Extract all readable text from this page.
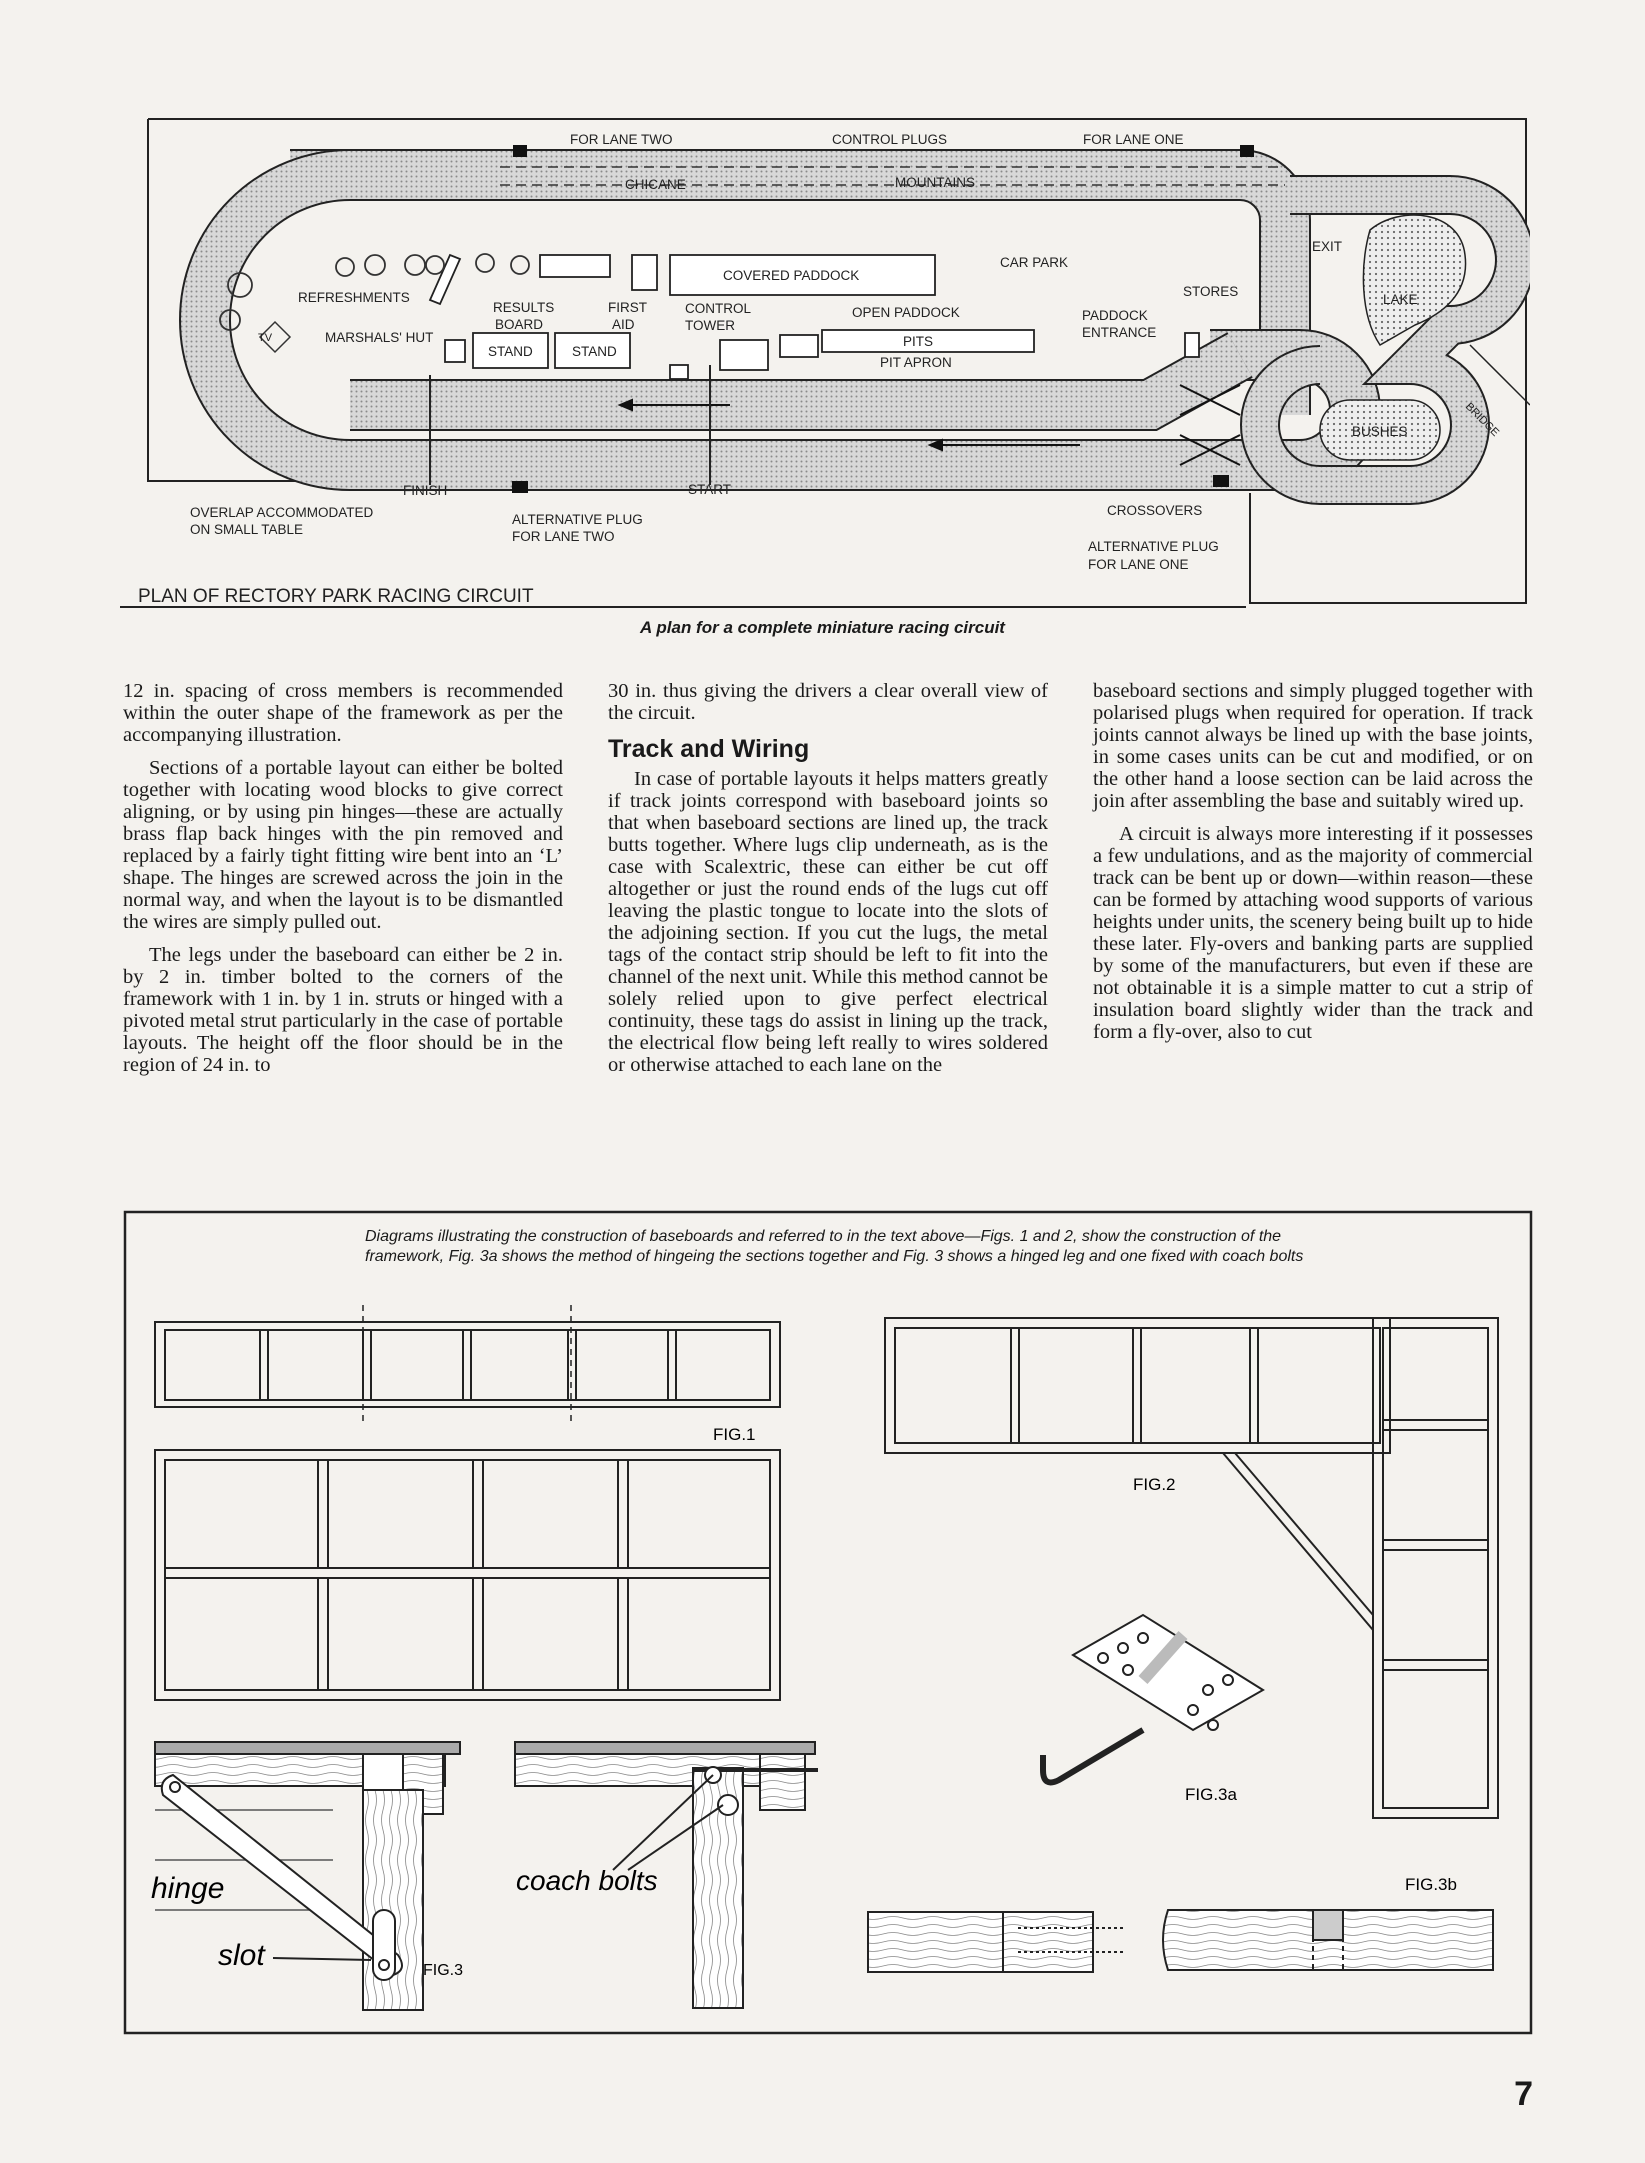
FOR LANE TWO	CONTROL PLUGS	FOR LANE ONE
CHICANE	MOUNTAINS
EXIT
LAKE
CAR PARK
STORES
COVERED PADDOCK
REFRESHMENTS
RESULTS
BOARD
FIRST
AID
CONTROL
TOWER
OPEN PADDOCK	PADDOCK
ENTRANCE
MARSHALS' HUT
STAND	STAND
PITS
PIT APRON
TV
BRIDGE
BUSHES
FINISH	START
OVERLAP ACCOMMODATED
ON SMALL TABLE
ALTERNATIVE PLUG
FOR LANE TWO
CROSSOVERS
ALTERNATIVE PLUG
FOR LANE ONE
PLAN OF RECTORY PARK RACING CIRCUIT
A plan for a complete miniature racing circuit

12 in. spacing of cross members is recommended within the outer shape of the framework as per the accompanying illustration.

Sections of a portable layout can either be bolted together with locating wood blocks to give correct aligning, or by using pin hinges—these are actually brass flap back hinges with the pin removed and replaced by a fairly tight fitting wire bent into an ‘L’ shape. The hinges are screwed across the join in the normal way, and when the layout is to be dismantled the wires are simply pulled out.

The legs under the baseboard can either be 2 in. by 2 in. timber bolted to the corners of the framework with 1 in. by 1 in. struts or hinged with a pivoted metal strut particularly in the case of portable layouts. The height off the floor should be in the region of 24 in. to

30 in. thus giving the drivers a clear overall view of the circuit.

Track and Wiring

In case of portable layouts it helps matters greatly if track joints correspond with baseboard joints so that when baseboard sections are lined up, the track butts together. Where lugs clip underneath, as is the case with Scalextric, these can either be cut off altogether or just the round ends of the lugs cut off leaving the plastic tongue to locate into the slots of the adjoining section. If you cut the lugs, the metal tags of the contact strip should be left to fit into the channel of the next unit. While this method cannot be solely relied upon to give perfect electrical continuity, these tags do assist in lining up the track, the electrical flow being left really to wires soldered or otherwise attached to each lane on the

baseboard sections and simply plugged together with polarised plugs when required for operation. If track joints cannot always be lined up with the base joints, in some cases units can be cut and modified, or on the other hand a loose section can be laid across the join after assembling the base and suitably wired up.

A circuit is always more interesting if it possesses a few undulations, and as the majority of commercial track can be bent up or down—within reason—these can be formed by attaching wood supports of various heights under units, the scenery being built up to hide these later. Fly-overs and banking parts are supplied by some of the manufacturers, but even if these are not obtainable it is a simple matter to cut a strip of insulation board slightly wider than the track and form a fly-over, also to cut

FIG.1
FIG.2
FIG.3a
hinge
slot	FIG.3
coach bolts	FIG.3b
Diagrams illustrating the construction of baseboards and referred to in the text above—Figs. 1 and 2, show the construction of the framework, Fig. 3a shows the method of hingeing the sections together and Fig. 3 shows a hinged leg and one fixed with coach bolts
7
